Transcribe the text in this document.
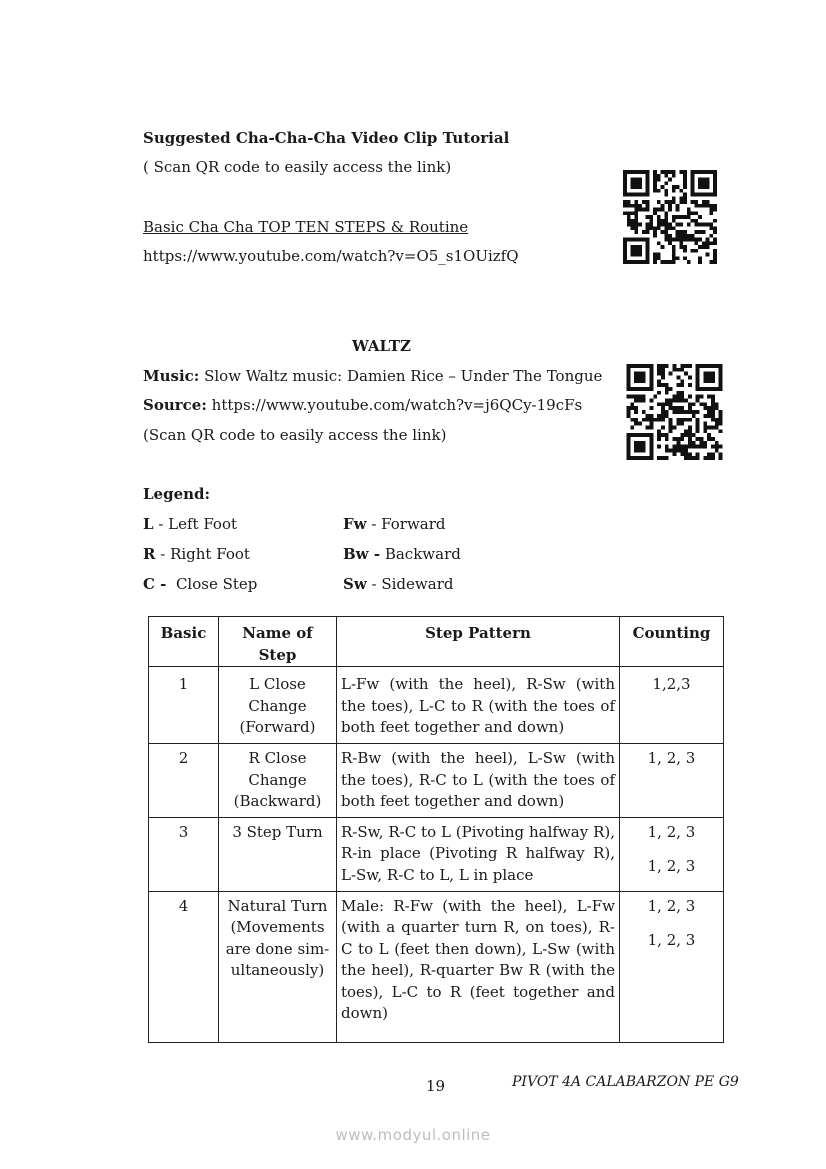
Suggested Cha-Cha-Cha Video Clip Tutorial
( Scan QR code to easily access the link)
Basic Cha Cha TOP TEN STEPS & Routine
https://www.youtube.com/watch?v=O5_s1OUizfQ
WALTZ
Music: Slow Waltz music: Damien Rice – Under The Tongue
Source: https://www.youtube.com/watch?v=j6QCy-19cFs
(Scan QR code to easily access the link)
Legend:
L - Left Foot
R - Right Foot
C - Close Step
Fw - Forward
Bw - Backward
Sw - Sideward
Basic	Name of Step	Step Pattern	Counting
1	L Close Change (Forward)	L-Fw (with the heel), R-Sw (with the toes), L-C to R (with the toes of both feet together and down)	1,2,3

2	R Close Change (Backward)	R-Bw (with the heel), L-Sw (with the toes), R-C to L (with the toes of both feet together and down)	1, 2, 3

3	3 Step Turn	R-Sw, R-C to L (Pivoting halfway R), R-in place (Pivoting R halfway R), L-Sw, R-C to L, L in place	1, 2, 3
1, 2, 3

4	Natural Turn (Movements are done sim-ultaneously)	Male: R-Fw (with the heel), L-Fw (with a quarter turn R, on toes), R-C to L (feet then down), L-Sw (with the heel), R-quarter Bw R (with the toes), L-C to R (feet together and down)	1, 2, 3
1, 2, 3
19	PIVOT 4A CALABARZON PE G9
www.modyul.online
